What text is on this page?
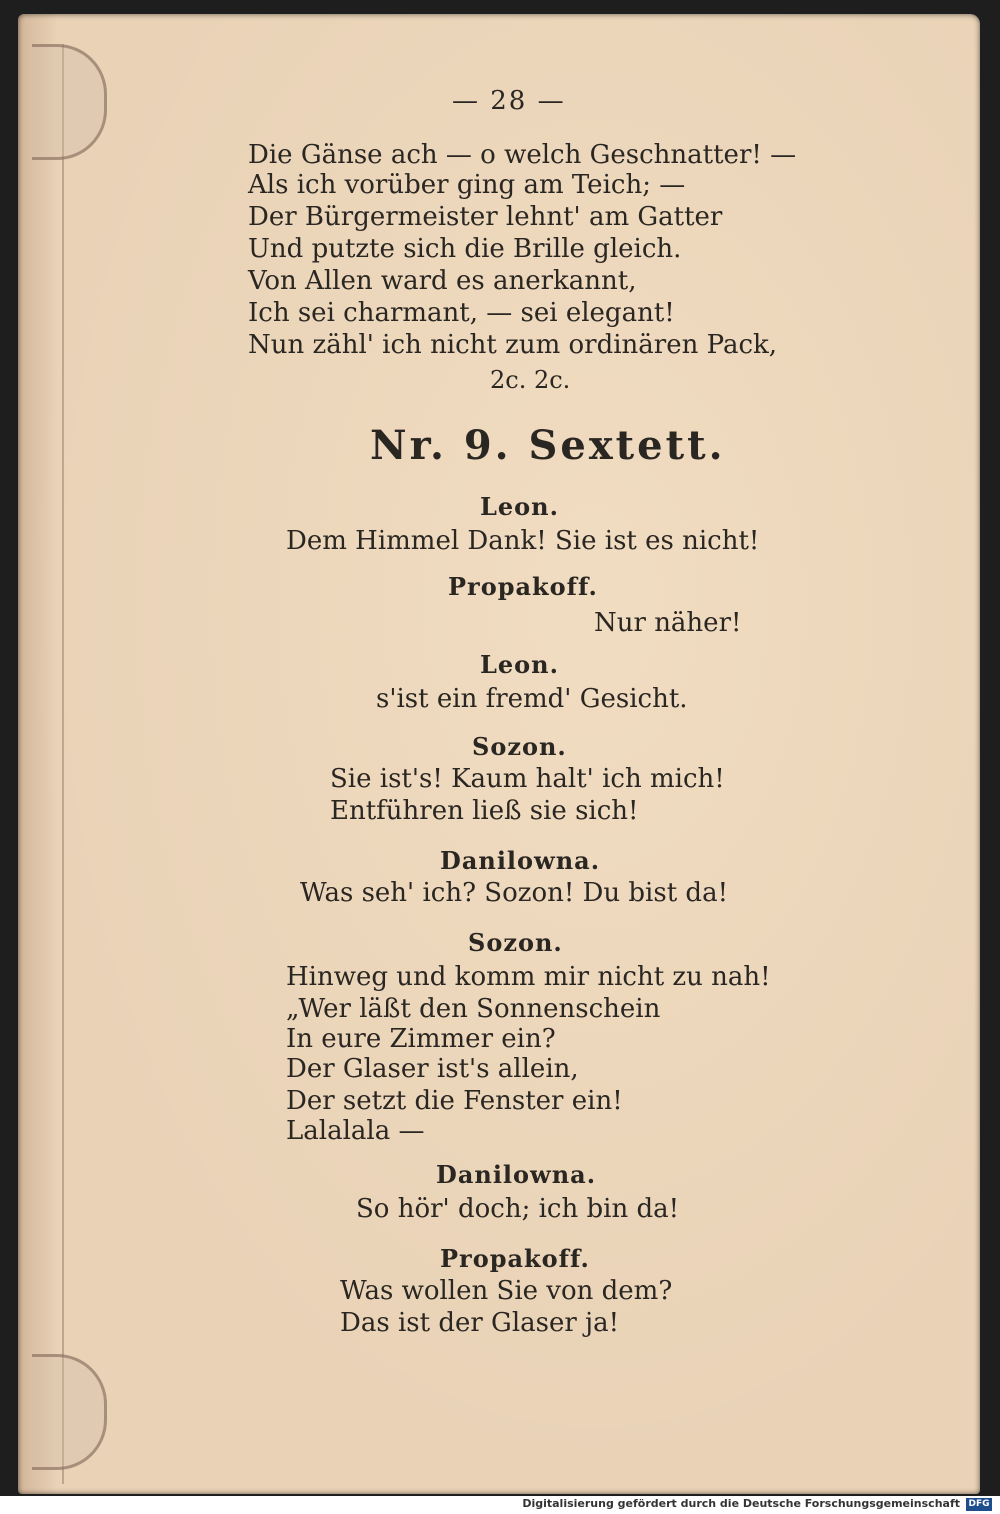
— 28 —
Die Gänse ach — o welch Geschnatter! —
Als ich vorüber ging am Teich; —
Der Bürgermeister lehnt' am Gatter
Und putzte sich die Brille gleich.
Von Allen ward es anerkannt,
Ich sei charmant, — sei elegant!
Nun zähl' ich nicht zum ordinären Pack,
2c. 2c.
Nr. 9. Sextett.
Leon.
Dem Himmel Dank! Sie ist es nicht!
Propakoff.
Nur näher!
Leon.
s'ist ein fremd' Gesicht.
Sozon.
Sie ist's! Kaum halt' ich mich!
Entführen ließ sie sich!
Danilowna.
Was seh' ich? Sozon! Du bist da!
Sozon.
Hinweg und komm mir nicht zu nah!
„Wer läßt den Sonnenschein
In eure Zimmer ein?
Der Glaser ist's allein,
Der setzt die Fenster ein!
Lalalala —
Danilowna.
So hör' doch; ich bin da!
Propakoff.
Was wollen Sie von dem?
Das ist der Glaser ja!
Digitalisierung gefördert durch die Deutsche Forschungsgemeinschaft DFG
